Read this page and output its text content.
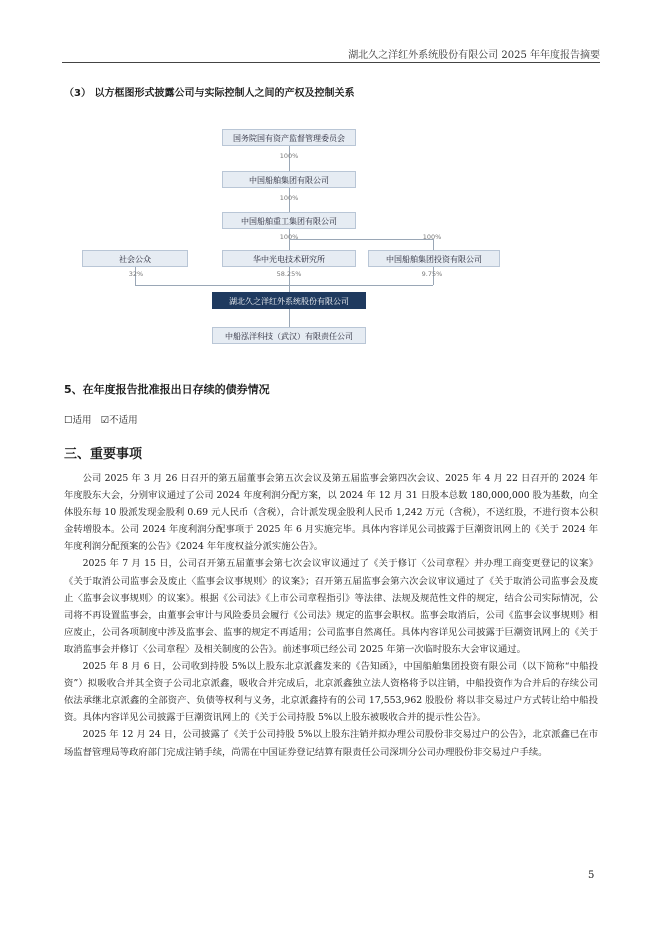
湖北久之洋红外系统股份有限公司 2025 年年度报告摘要
（3） 以方框图形式披露公司与实际控制人之间的产权及控制关系
国务院国有资产监督管理委员会
100%
中国船舶集团有限公司
100%
中国船舶重工集团有限公司
100%	100%
社会公众	华中光电技术研究所	中国船舶集团投资有限公司
32%	58.25%	9.75%
湖北久之洋红外系统股份有限公司
中船泓洋科技（武汉）有限责任公司
5、在年度报告批准报出日存续的债券情况
☐适用 ☑不适用
三、重要事项

公司 2025 年 3 月 26 日召开的第五届董事会第五次会议及第五届监事会第四次会议、2025 年 4 月 22 日召开的 2024 年年度股东大会，分别审议通过了公司 2024 年度利润分配方案，以 2024 年 12 月 31 日股本总数 180,000,000 股为基数，向全体股东每 10 股派发现金股利 0.69 元人民币（含税），合计派发现金股利人民币 1,242 万元（含税），不送红股，不进行资本公积金转增股本。公司 2024 年度利润分配事项于 2025 年 6 月实施完毕。具体内容详见公司披露于巨潮资讯网上的《关于 2024 年年度利润分配预案的公告》《2024 年年度权益分派实施公告》。

2025 年 7 月 15 日，公司召开第五届董事会第七次会议审议通过了《关于修订〈公司章程〉并办理工商变更登记的议案》《关于取消公司监事会及废止〈监事会议事规则〉的议案》；召开第五届监事会第六次会议审议通过了《关于取消公司监事会及废止〈监事会议事规则〉的议案》。根据《公司法》《上市公司章程指引》等法律、法规及规范性文件的规定，结合公司实际情况，公司将不再设置监事会，由董事会审计与风险委员会履行《公司法》规定的监事会职权。监事会取消后，公司《监事会议事规则》相应废止，公司各项制度中涉及监事会、监事的规定不再适用；公司监事自然离任。具体内容详见公司披露于巨潮资讯网上的《关于取消监事会并修订〈公司章程〉及相关制度的公告》。前述事项已经公司 2025 年第一次临时股东大会审议通过。

2025 年 8 月 6 日，公司收到持股 5%以上股东北京派鑫发来的《告知函》，中国船舶集团投资有限公司（以下简称“中船投资”）拟吸收合并其全资子公司北京派鑫，吸收合并完成后，北京派鑫独立法人资格将予以注销，中船投资作为合并后的存续公司依法承继北京派鑫的全部资产、负债等权利与义务，北京派鑫持有的公司 17,553,962 股股份 将以非交易过户方式转让给中船投资。具体内容详见公司披露于巨潮资讯网上的《关于公司持股 5%以上股东被吸收合并的提示性公告》。

2025 年 12 月 24 日，公司披露了《关于公司持股 5%以上股东注销并拟办理公司股份非交易过户的公告》，北京派鑫已在市场监督管理局等政府部门完成注销手续，尚需在中国证券登记结算有限责任公司深圳分公司办理股份非交易过户手续。

5
